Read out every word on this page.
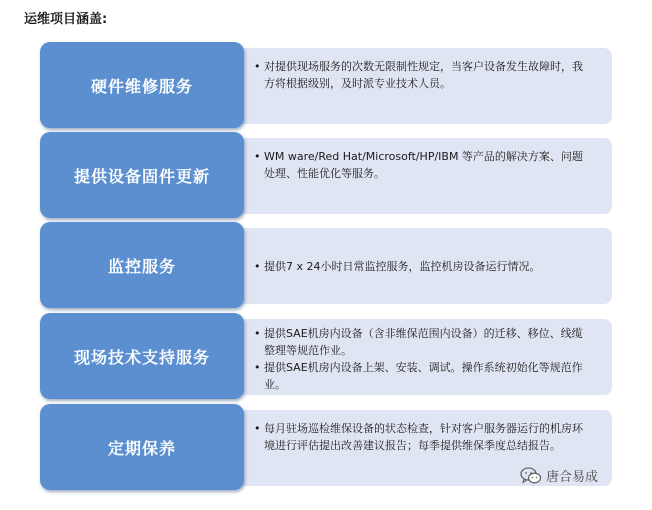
运维项目涵盖:
• 对提供现场服务的次数无限制性规定，当客户设备发生故障时，我方将根据级别，及时派专业技术人员。
硬件维修服务
• WM ware/Red Hat/Microsoft/HP/IBM 等产品的解决方案、问题处理、性能优化等服务。
提供设备固件更新
• 提供7 x 24小时日常监控服务，监控机房设备运行情况。
监控服务
• 提供SAE机房内设备（含非维保范围内设备）的迁移、移位、线缆整理等规范作业。
• 提供SAE机房内设备上架、安装、调试。操作系统初始化等规范作业。
现场技术支持服务
• 每月驻场巡检维保设备的状态检查，针对客户服务器运行的机房环境进行评估提出改善建议报告；每季提供维保季度总结报告。
定期保养
唐合易成
